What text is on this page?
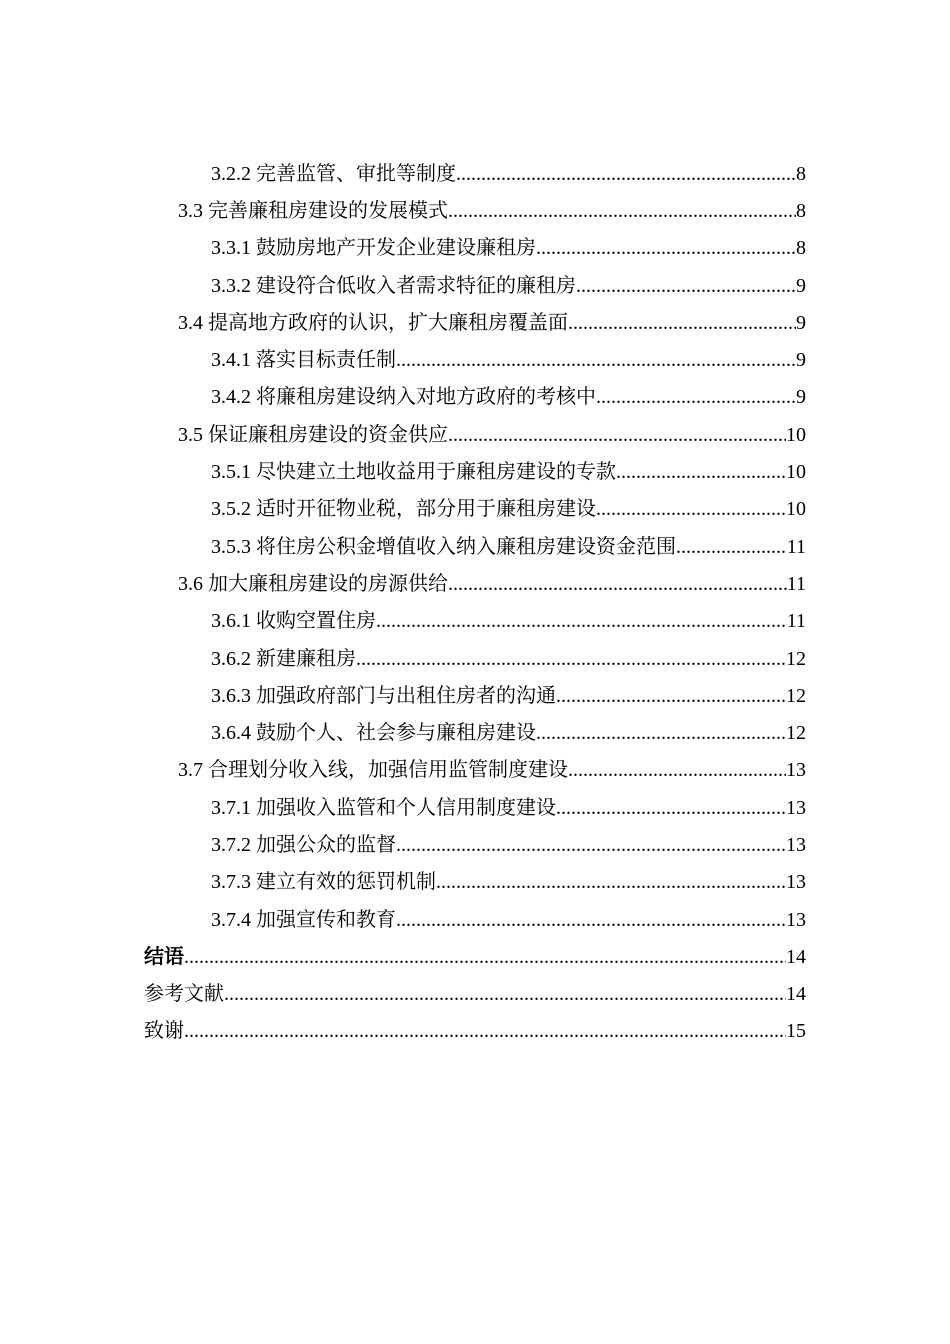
3.2.2 完善监管、审批等制度 .....	8
3.3 完善廉租房建设的发展模式 .....	8
3.3.1 鼓励房地产开发企业建设廉租房 .....	8
3.3.2 建设符合低收入者需求特征的廉租房 .....	9
3.4 提高地方政府的认识，扩大廉租房覆盖面 .....	9
3.4.1 落实目标责任制 .....	9
3.4.2 将廉租房建设纳入对地方政府的考核中 .....	9
3.5 保证廉租房建设的资金供应 .....	10
3.5.1 尽快建立土地收益用于廉租房建设的专款 .....	10
3.5.2 适时开征物业税，部分用于廉租房建设 .....	10
3.5.3 将住房公积金增值收入纳入廉租房建设资金范围 .....	11
3.6 加大廉租房建设的房源供给 .....	11
3.6.1 收购空置住房 .....	11
3.6.2 新建廉租房 .....	12
3.6.3 加强政府部门与出租住房者的沟通 .....	12
3.6.4 鼓励个人、社会参与廉租房建设 .....	12
3.7 合理划分收入线，加强信用监管制度建设 .....	13
3.7.1 加强收入监管和个人信用制度建设 .....	13
3.7.2 加强公众的监督 .....	13
3.7.3 建立有效的惩罚机制 .....	13
3.7.4 加强宣传和教育 .....	13
结语 .....	14
参考文献 .....	14
致谢 .....	15
